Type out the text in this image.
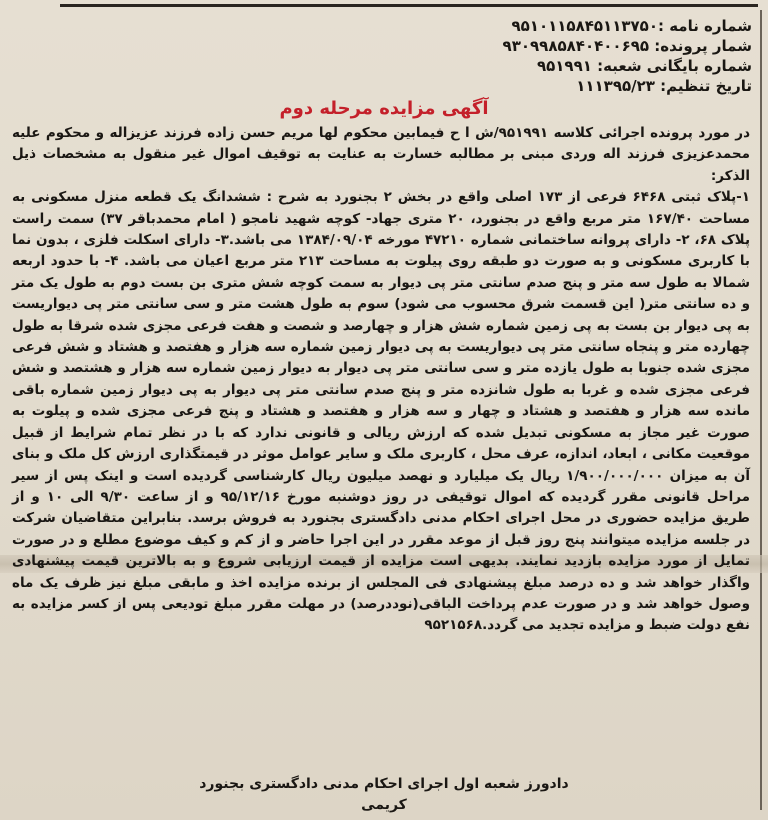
شماره نامه :۹۵۱۰۱۱۵۸۴۵۱۱۳۷۵۰
شمار پرونده: ۹۳۰۹۹۸۵۸۴۰۴۰۰۶۹۵
شماره بایگانی شعبه: ۹۵۱۹۹۱
تاریخ تنظیم: ۱۱۱۳۹۵/۲۳
آگهی مزایده مرحله دوم

در مورد پرونده اجرائی کلاسه ۹۵۱۹۹۱/ش ا ح فیمابین محکوم لها مریم حسن زاده فرزند عزیزاله و محکوم علیه محمدعزیزی فرزند اله وردی مبنی بر مطالبه خسارت به عنایت به توقیف اموال غیر منقول به مشخصات ذیل الذکر:

۱-پلاک ثبتی ۶۴۶۸ فرعی از ۱۷۳ اصلی واقع در بخش ۲ بجنورد به شرح : ششدانگ یک قطعه منزل مسکونی به مساحت ۱۶۷/۴۰ متر مربع واقع در بجنورد، ۲۰ متری جهاد- کوچه شهید نامجو ( امام محمدباقر ۳۷) سمت راست پلاک ۶۸، ۲- دارای پروانه ساختمانی شماره ۴۷۲۱۰ مورخه ۱۳۸۴/۰۹/۰۴ می باشد.۳- دارای اسکلت فلزی ، بدون نما با کاربری مسکونی و به صورت دو طبقه روی پیلوت به مساحت ۲۱۳ متر مربع اعیان می باشد. ۴- با حدود اربعه شمالا به طول سه متر و پنج صدم سانتی متر پی دیوار به سمت کوچه شش متری بن بست دوم به طول یک متر و ده سانتی متر( این قسمت شرق محسوب می شود) سوم به طول هشت متر و سی سانتی متر پی دیواریست به پی دیوار بن بست به پی زمین شماره شش هزار و چهارصد و شصت و هفت فرعی مجزی شده شرقا به طول چهارده متر و پنجاه سانتی متر پی دیواریست به پی دیوار زمین شماره سه هزار و هفتصد و هشتاد و شش فرعی مجزی شده جنوبا به طول یازده متر و سی سانتی متر پی دیوار به دیوار زمین شماره سه هزار و هشتصد و شش فرعی مجزی شده و غربا به طول شانزده متر و پنج صدم سانتی متر پی دیوار به پی دیوار زمین شماره باقی مانده سه هزار و هفتصد و هشتاد و چهار و سه هزار و هفتصد و هشتاد و پنج فرعی مجزی شده و پیلوت به صورت غیر مجاز به مسکونی تبدیل شده که ارزش ریالی و قانونی ندارد که با در نظر تمام شرایط از قبیل موقعیت مکانی ، ابعاد، اندازه، عرف محل ، کاربری ملک و سایر عوامل موثر در قیمتگذاری ارزش کل ملک و بنای آن به میزان ۱/۹۰۰/۰۰۰/۰۰۰ ریال یک میلیارد و نهصد میلیون ریال کارشناسی گردیده است و اینک پس از سیر مراحل قانونی مقرر گردیده که اموال توقیفی در روز دوشنبه مورخ ۹۵/۱۲/۱۶ و از ساعت ۹/۳۰ الی ۱۰ و از طریق مزایده حضوری در محل اجرای احکام مدنی دادگستری بجنورد به فروش برسد. بنابراین متقاضیان شرکت در جلسه مزایده میتوانند پنج روز قبل از موعد مقرر در این اجرا حاضر و از کم و کیف موضوع مطلع و در صورت تمایل از مورد مزایده بازدید نمایند. بدیهی است مزایده از قیمت ارزیابی شروع و به بالاترین قیمت پیشنهادی واگذار خواهد شد و ده درصد مبلغ پیشنهادی فی المجلس از برنده مزایده اخذ و مابقی مبلغ نیز ظرف یک ماه وصول خواهد شد و در صورت عدم پرداخت الباقی(نوددرصد) در مهلت مقرر مبلغ تودیعی پس از کسر مزایده به نفع دولت ضبط و مزایده تجدید می گردد.۹۵۲۱۵۶۸

دادورز شعبه اول اجرای احکام مدنی دادگستری بجنورد
کریمی
